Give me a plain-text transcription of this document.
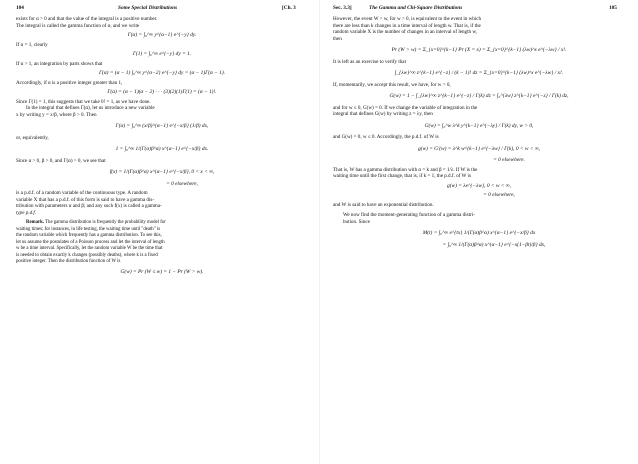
104	Some Special Distributions	[Ch. 3

exists for α > 0 and that the value of the integral is a positive number.

The integral is called the gamma function of α, and we write

Γ(α) = ∫₀^∞ y^{α−1} e^{−y} dy.

If α = 1, clearly

Γ(1) = ∫₀^∞ e^{−y} dy = 1.

If α > 1, an integration by parts shows that

Γ(α) = (α − 1) ∫₀^∞ y^{α−2} e^{−y} dy = (α − 1)Γ(α − 1).

Accordingly, if α is a positive integer greater than 1,

Γ(α) = (α − 1)(α − 2) · · · (3)(2)(1)Γ(1) = (α − 1)!.

Since Γ(1) = 1, this suggests that we take 0! = 1, as we have done.

In the integral that defines Γ(α), let us introduce a new variable

x by writing y = x/β, where β > 0. Then

Γ(α) = ∫₀^∞ (x/β)^{α−1} e^{−x/β} (1/β) dx,

or, equivalently,

1 = ∫₀^∞ 1/(Γ(α)β^α) x^{α−1} e^{−x/β} dx.

Since α > 0, β > 0, and Γ(α) > 0, we see that

f(x) = 1/(Γ(α)β^α) x^{α−1} e^{−x/β}, 0 < x < ∞,
= 0 elsewhere,

is a p.d.f. of a random variable of the continuous type. A random

variable X that has a p.d.f. of this form is said to have a gamma dis-

tribution with parameters α and β; and any such f(x) is called a gamma-

type p.d.f.

Remark. The gamma distribution is frequently the probability model for

waiting times; for instances, in life testing, the waiting time until "death" is

the random variable which frequently has a gamma distribution. To see this,

let us assume the postulates of a Poisson process and let the interval of length

w be a time interval. Specifically, let the random variable W be the time that

is needed to obtain exactly k changes (possibly deaths), where k is a fixed

positive integer. Then the distribution function of W is

G(w) = Pr (W ≤ w) = 1 − Pr (W > w).
Sec. 3.3]	The Gamma and Chi-Square Distributions	105

However, the event W > w, for w > 0, is equivalent to the event in which

there are less than k changes in a time interval of length w. That is, if the

random variable X is the number of changes in an interval of length w,

then

Pr (W > w) = Σ_{x=0}^{k−1} Pr (X = x) = Σ_{x=0}^{k−1} (λw)^x e^{−λw} / x!.

It is left as an exercise to verify that

∫_{λw}^∞ z^{k−1} e^{−z} / (k − 1)! dz = Σ_{x=0}^{k−1} (λw)^x e^{−λw} / x!.

If, momentarily, we accept this result, we have, for w > 0,

G(w) = 1 − ∫_{λw}^∞ z^{k−1} e^{−z} / Γ(k) dz = ∫₀^{λw} z^{k−1} e^{−z} / Γ(k) dz,

and for w ≤ 0, G(w) = 0. If we change the variable of integration in the

integral that defines G(w) by writing z = λy, then

G(w) = ∫₀^w λ^k y^{k−1} e^{−λy} / Γ(k) dy, w > 0,

and G(w) = 0, w ≤ 0. Accordingly, the p.d.f. of W is

g(w) = G′(w) = λ^k w^{k−1} e^{−λw} / Γ(k), 0 < w < ∞,
= 0 elsewhere.

That is, W has a gamma distribution with α = k and β = 1/λ. If W is the

waiting time until the first change, that is, if k = 1, the p.d.f. of W is

g(w) = λe^{−λw}, 0 < w < ∞,
= 0 elsewhere,

and W is said to have an exponential distribution.

We now find the moment-generating function of a gamma distri-

bution. Since

M(t) = ∫₀^∞ e^{tx} 1/(Γ(α)β^α) x^{α−1} e^{−x/β} dx
= ∫₀^∞ 1/(Γ(α)β^α) x^{α−1} e^{−x(1−βt)/β} dx,
